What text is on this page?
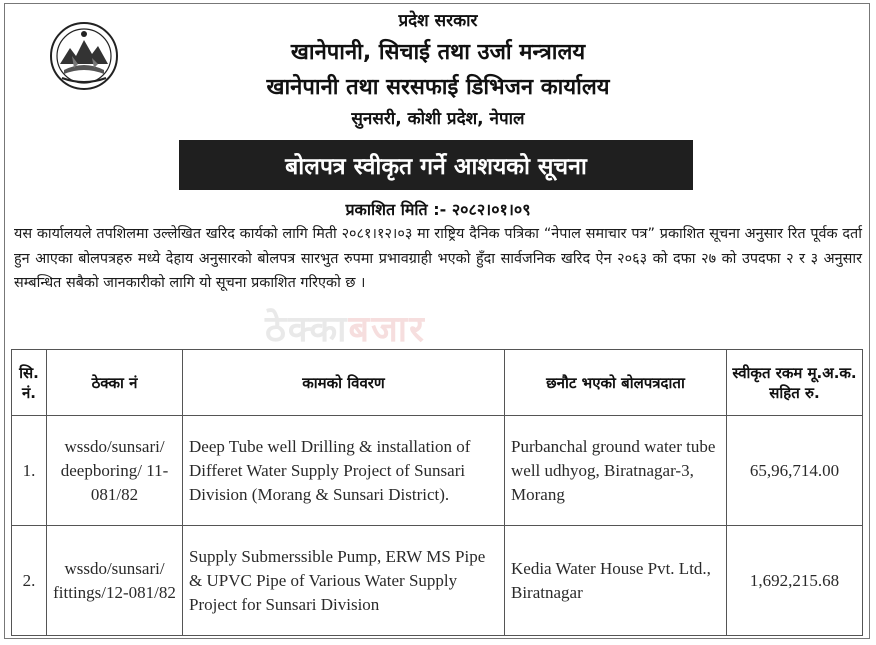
प्रदेश सरकार
खानेपानी, सिचाई तथा उर्जा मन्त्रालय
खानेपानी तथा सरसफाई डिभिजन कार्यालय
सुनसरी, कोशी प्रदेश, नेपाल
बोलपत्र स्वीकृत गर्ने आशयको सूचना
प्रकाशित मिति :- २०८२।०१।०९
यस कार्यालयले तपशिलमा उल्लेखित खरिद कार्यको लागि मिती २०८१।१२।०३ मा राष्ट्रिय दैनिक पत्रिका “नेपाल समाचार पत्र” प्रकाशित सूचना अनुसार रित पूर्वक दर्ता हुन आएका बोलपत्रहरु मध्ये देहाय अनुसारको बोलपत्र सारभुत रुपमा प्रभावग्राही भएको हुँदा सार्वजनिक खरिद ऐन २०६३ को दफा २७ को उपदफा २ र ३ अनुसार सम्बन्धित सबैको जानकारीको लागि यो सूचना प्रकाशित गरिएको छ ।
ठेक्काबजार
सि. नं.	ठेक्का नं	कामको विवरण	छनौट भएको बोलपत्रदाता	स्वीकृत रकम मू.अ.क. सहित रु.
1.	wssdo/sunsari/ deepboring/ 11-081/82	Deep Tube well Drilling & installation of Differet Water Supply Project of Sunsari Division (Morang & Sunsari District).	Purbanchal ground water tube well udhyog, Biratnagar-3, Morang	65,96,714.00
2.	wssdo/sunsari/ fittings/12-081/82	Supply Submerssible Pump, ERW MS Pipe & UPVC Pipe of Various Water Supply Project for Sunsari Division	Kedia Water House Pvt. Ltd., Biratnagar	1,692,215.68
